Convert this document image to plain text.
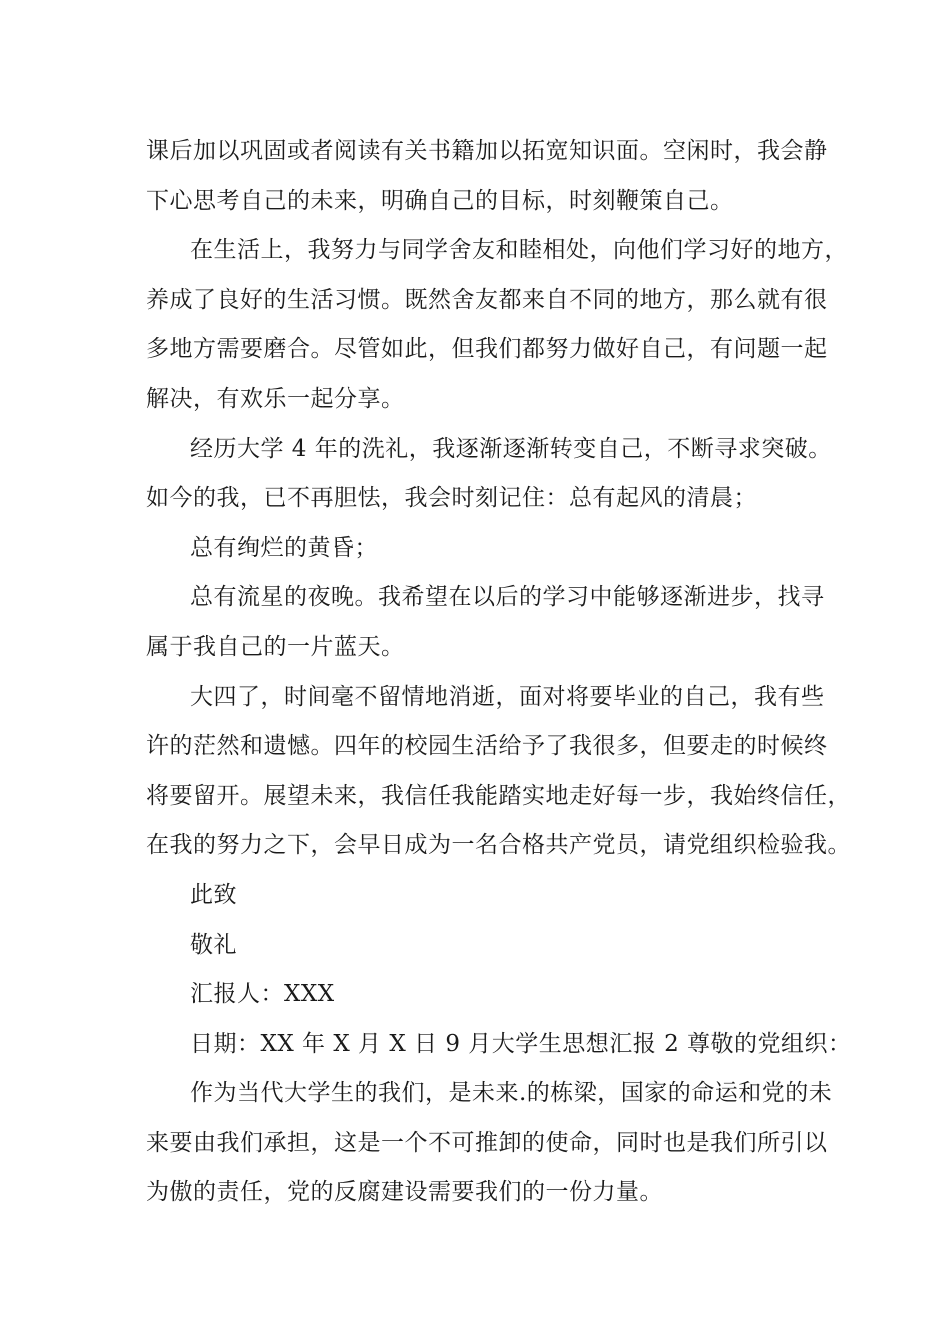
课后加以巩固或者阅读有关书籍加以拓宽知识面。空闲时，我会静
下心思考自己的未来，明确自己的目标，时刻鞭策自己。
在生活上，我努力与同学舍友和睦相处，向他们学习好的地方，
养成了良好的生活习惯。既然舍友都来自不同的地方，那么就有很
多地方需要磨合。尽管如此，但我们都努力做好自己，有问题一起
解决，有欢乐一起分享。
经历大学 4 年的洗礼，我逐渐逐渐转变自己，不断寻求突破。
如今的我，已不再胆怯，我会时刻记住：总有起风的清晨；
总有绚烂的黄昏；
总有流星的夜晚。我希望在以后的学习中能够逐渐进步，找寻
属于我自己的一片蓝天。
大四了，时间毫不留情地消逝，面对将要毕业的自己，我有些
许的茫然和遗憾。四年的校园生活给予了我很多，但要走的时候终
将要留开。展望未来，我信任我能踏实地走好每一步，我始终信任，
在我的努力之下，会早日成为一名合格共产党员，请党组织检验我。
此致
敬礼
汇报人：XXX
日期：XX 年 X 月 X 日 9 月大学生思想汇报 2 尊敬的党组织：
作为当代大学生的我们，是未来.的栋梁，国家的命运和党的未
来要由我们承担，这是一个不可推卸的使命，同时也是我们所引以
为傲的责任，党的反腐建设需要我们的一份力量。
